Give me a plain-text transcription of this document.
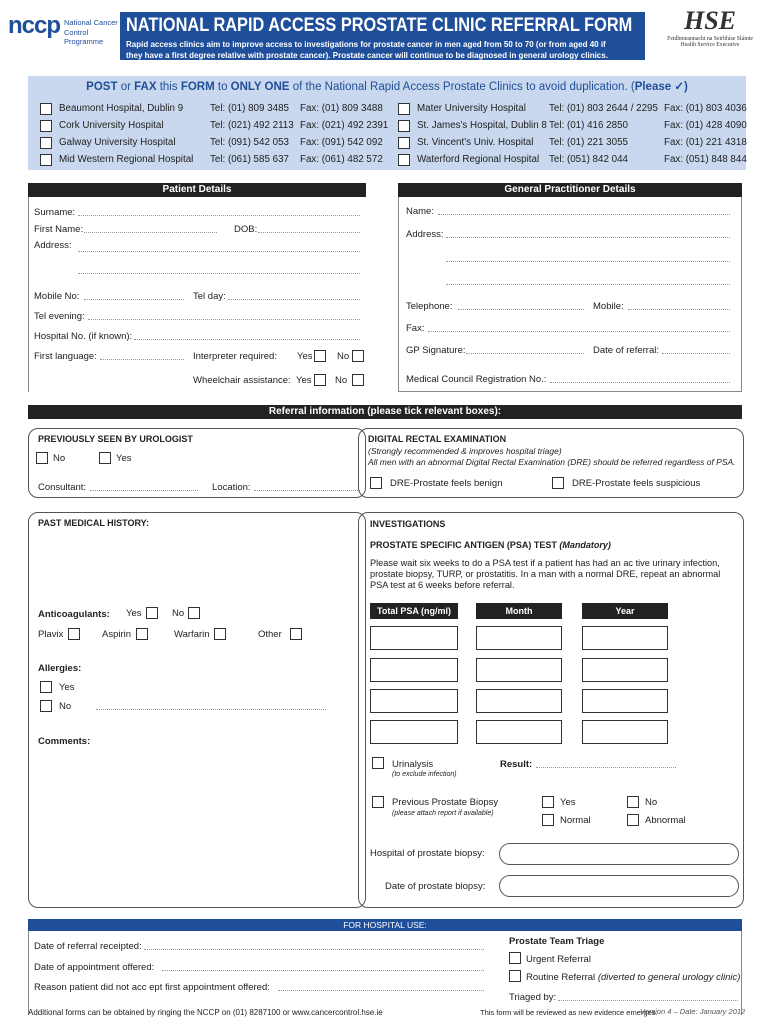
nccp National Cancer
Control Programme
NATIONAL RAPID ACCESS PROSTATE CLINIC REFERRAL FORM
Rapid access clinics aim to improve access to investigations for prostate cancer in men aged from 50 to 70 (or from aged 40 if
they have a first degree relative with prostate cancer). Prostate cancer will continue to be diagnosed in general urology clinics.
HSE
Feidhmeannacht na Seirbhíse Sláinte
Health Service Executive
POST or FAX this FORM to ONLY ONE of the National Rapid Access Prostate Clinics to avoid duplication. (Please ✓)
Beaumont Hospital, Dublin 9	Tel: (01) 809 3485 Fax: (01) 809 3488
Cork University Hospital	Tel: (021) 492 2113 Fax: (021) 492 2391
Galway University Hospital	Tel: (091) 542 053 Fax: (091) 542 092
Mid Western Regional Hospital Tel: (061) 585 637 Fax: (061) 482 572
Mater University Hospital Tel: (01) 803 2644 / 2295 Fax: (01) 803 4036
St. James's Hospital, Dublin 8 Tel: (01) 416 2850	Fax: (01) 428 4090
St. Vincent's Univ. Hospital Tel: (01) 221 3055	Fax: (01) 221 4318
Waterford Regional Hospital Tel: (051) 842 044	Fax: (051) 848 844
Patient Details
Surname:
First Name:	DOB:
Address:
Mobile No:	Tel day:
Tel evening:
Hospital No. (if known):
First language:	Interpreter required: Yes	No
Wheelchair assistance: Yes No
General Practitioner Details
Name:
Address:
Telephone:	Mobile:
Fax:
GP Signature:	Date of referral:
Medical Council Registration No.:
Referral information (please tick relevant boxes):
PREVIOUSLY SEEN BY UROLOGIST
No	Yes
Consultant:	Location:
DIGITAL RECTAL EXAMINATION
(Strongly recommended & improves hospital triage)
All men with an abnormal Digital Rectal Examination (DRE) should be referred regardless of PSA.
DRE-Prostate feels benign	DRE-Prostate feels suspicious
PAST MEDICAL HISTORY:
Anticoagulants: Yes	No
Plavix	Aspirin	Warfarin	Other
Allergies:
Yes
No
Comments:
INVESTIGATIONS
PROSTATE SPECIFIC ANTIGEN (PSA) TEST (Mandatory)
Please wait six weeks to do a PSA test if a patient has had an ac tive urinary infection,
prostate biopsy, TURP, or prostatitis. In a man with a normal DRE, repeat an abnormal
PSA test at 6 weeks before referral.
Total PSA (ng/ml)	Month	Year
Urinalysis
(to exclude infection)
Result:
Previous Prostate Biopsy
(please attach report if available)
Yes	No
Normal	Abnormal
Hospital of prostate biopsy:
Date of prostate biopsy:
FOR HOSPITAL USE:
Date of referral receipted:
Date of appointment offered:
Reason patient did not acc ept first appointment offered:
Prostate Team Triage
Urgent Referral
Routine Referral (diverted to general urology clinic)
Triaged by:
Additional forms can be obtained by ringing the NCCP on (01) 8287100 or www.cancercontrol.hse.ie	This form will be reviewed as new evidence emerges.
Version 4 – Date: January 2012
